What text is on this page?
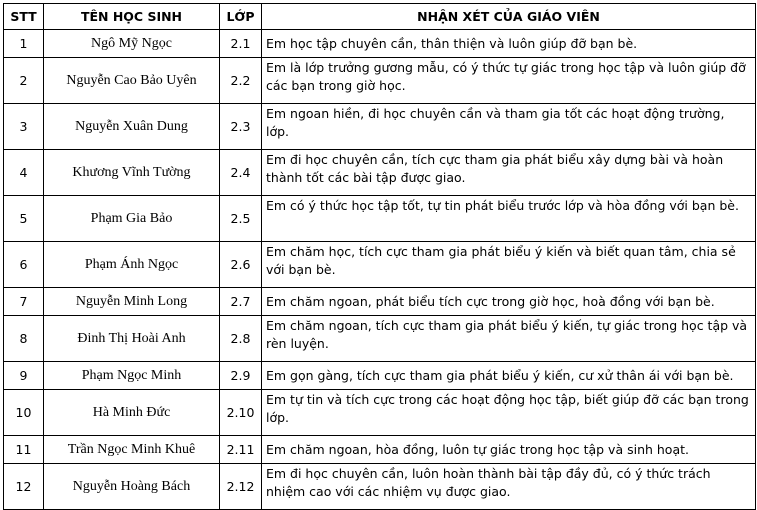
STT	TÊN HỌC SINH	LỚP	NHẬN XÉT CỦA GIÁO VIÊN
1	Ngô Mỹ Ngọc	2.1	Em học tập chuyên cần, thân thiện và luôn giúp đỡ bạn bè.
2	Nguyễn Cao Bảo Uyên	2.2	Em là lớp trưởng gương mẫu, có ý thức tự giác trong học tập và luôn giúp đỡ các bạn trong giờ học.
3	Nguyễn Xuân Dung	2.3	Em ngoan hiền, đi học chuyên cần và tham gia tốt các hoạt động trường, lớp.
4	Khương Vĩnh Tường	2.4	Em đi học chuyên cần, tích cực tham gia phát biểu xây dựng bài và hoàn thành tốt các bài tập được giao.
5	Phạm Gia Bảo	2.5	Em có ý thức học tập tốt, tự tin phát biểu trước lớp và hòa đồng với bạn bè.
6	Phạm Ánh Ngọc	2.6	Em chăm học, tích cực tham gia phát biểu ý kiến và biết quan tâm, chia sẻ với bạn bè.
7	Nguyễn Minh Long	2.7	Em chăm ngoan, phát biểu tích cực trong giờ học, hoà đồng với bạn bè.
8	Đinh Thị Hoài Anh	2.8	Em chăm ngoan, tích cực tham gia phát biểu ý kiến, tự giác trong học tập và rèn luyện.
9	Phạm Ngọc Minh	2.9	Em gọn gàng, tích cực tham gia phát biểu ý kiến, cư xử thân ái với bạn bè.
10	Hà Minh Đức	2.10	Em tự tin và tích cực trong các hoạt động học tập, biết giúp đỡ các bạn trong lớp.
11	Trần Ngọc Minh Khuê	2.11	Em chăm ngoan, hòa đồng, luôn tự giác trong học tập và sinh hoạt.
12	Nguyễn Hoàng Bách	2.12	Em đi học chuyên cần, luôn hoàn thành bài tập đầy đủ, có ý thức trách nhiệm cao với các nhiệm vụ được giao.
